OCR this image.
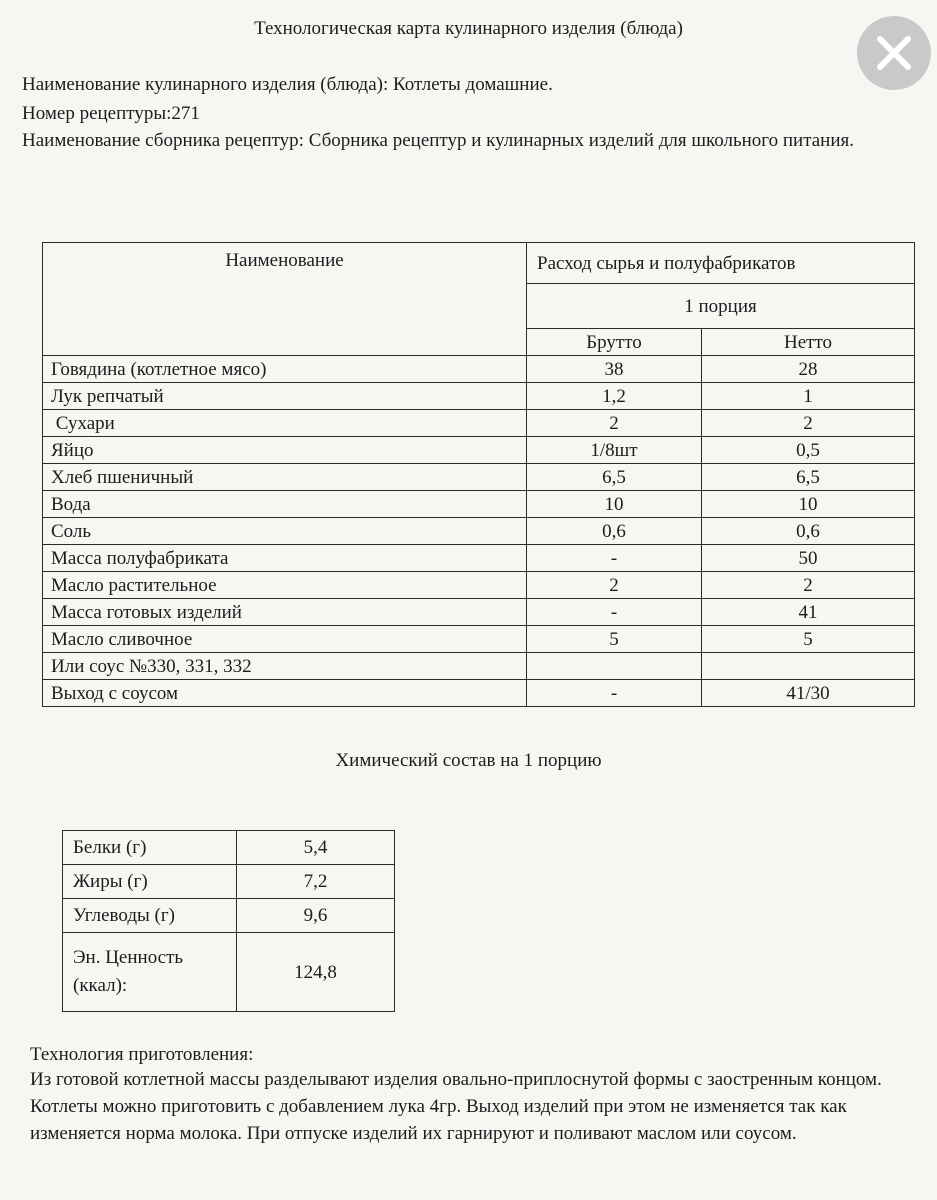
Технологическая карта кулинарного изделия (блюда)
Наименование кулинарного изделия (блюда): Котлеты домашние.
Номер рецептуры:271
Наименование сборника рецептур: Сборника рецептур и кулинарных изделий для школьного питания.
Наименование	Расход сырья и полуфабрикатов	
	1 порция	
	Брутто	Нетто
Говядина (котлетное мясо)	38	28
Лук репчатый	1,2	1
Сухари	2	2
Яйцо	1/8шт	0,5
Хлеб пшеничный	6,5	6,5
Вода	10	10
Соль	0,6	0,6
Масса полуфабриката	-	50
Масло растительное	2	2
Масса готовых изделий	-	41
Масло сливочное	5	5
Или соус №330, 331, 332		
Выход с соусом	-	41/30
Химический состав на 1 порцию
Белки (г)	5,4
Жиры (г)	7,2
Углеводы (г)	9,6

Эн. Ценность
(ккал):	124,8
Технология приготовления:
Из готовой котлетной массы разделывают изделия овально-приплоснутой формы с заостренным концом. Котлеты можно приготовить с добавлением лука 4гр. Выход изделий при этом не изменяется так как изменяется норма молока. При отпуске изделий их гарнируют и поливают маслом или соусом.
